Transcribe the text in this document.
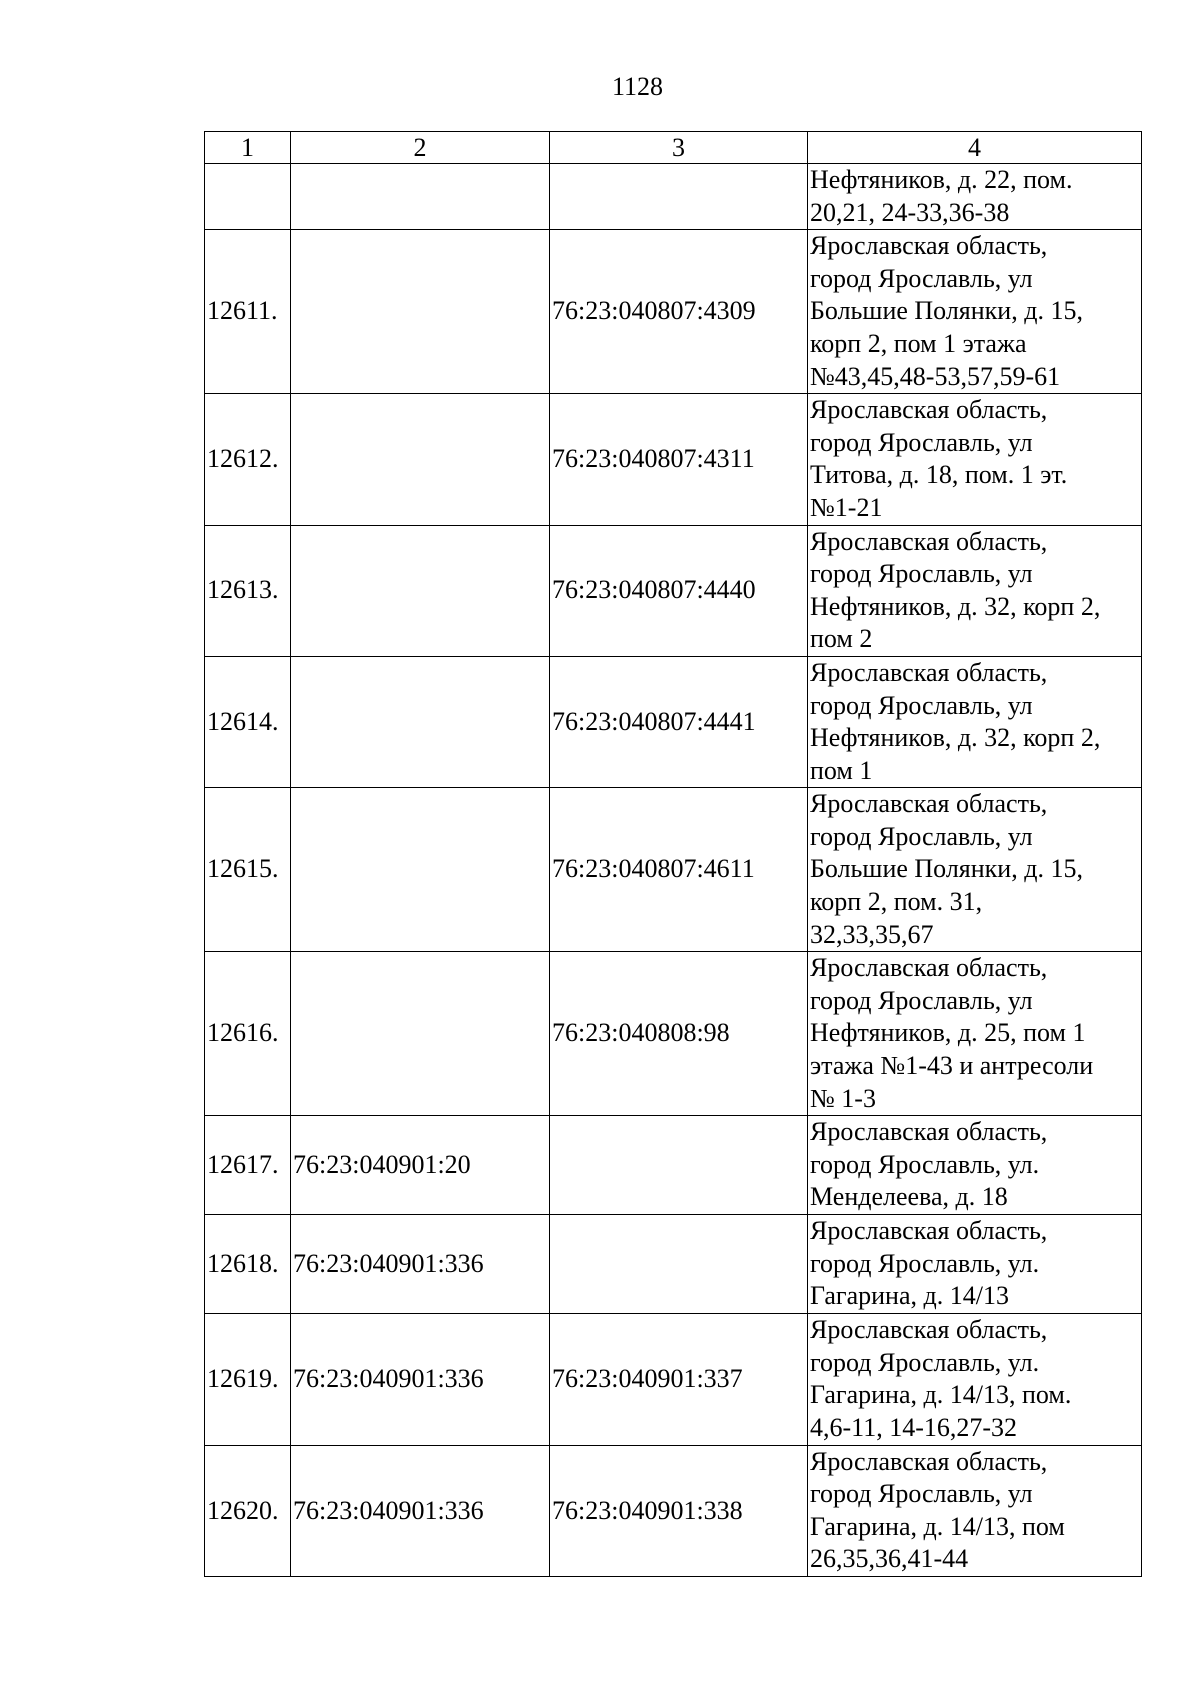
1128
1	2	3	4
			Нефтяников, д. 22, пом.
20,21, 24-33,36-38
12611.		76:23:040807:4309	Ярославская область,
город Ярославль, ул
Большие Полянки, д. 15,
корп 2, пом 1 этажа
№43,45,48-53,57,59-61
12612.		76:23:040807:4311	Ярославская область,
город Ярославль, ул
Титова, д. 18, пом. 1 эт.
№1-21
12613.		76:23:040807:4440	Ярославская область,
город Ярославль, ул
Нефтяников, д. 32, корп 2,
пом 2
12614.		76:23:040807:4441	Ярославская область,
город Ярославль, ул
Нефтяников, д. 32, корп 2,
пом 1
12615.		76:23:040807:4611	Ярославская область,
город Ярославль, ул
Большие Полянки, д. 15,
корп 2, пом. 31,
32,33,35,67
12616.		76:23:040808:98	Ярославская область,
город Ярославль, ул
Нефтяников, д. 25, пом 1
этажа №1-43 и антресоли
№ 1-3
12617.	76:23:040901:20		Ярославская область,
город Ярославль, ул.
Менделеева, д. 18
12618.	76:23:040901:336		Ярославская область,
город Ярославль, ул.
Гагарина, д. 14/13
12619.	76:23:040901:336	76:23:040901:337	Ярославская область,
город Ярославль, ул.
Гагарина, д. 14/13, пом.
4,6-11, 14-16,27-32
12620.	76:23:040901:336	76:23:040901:338	Ярославская область,
город Ярославль, ул
Гагарина, д. 14/13, пом
26,35,36,41-44
